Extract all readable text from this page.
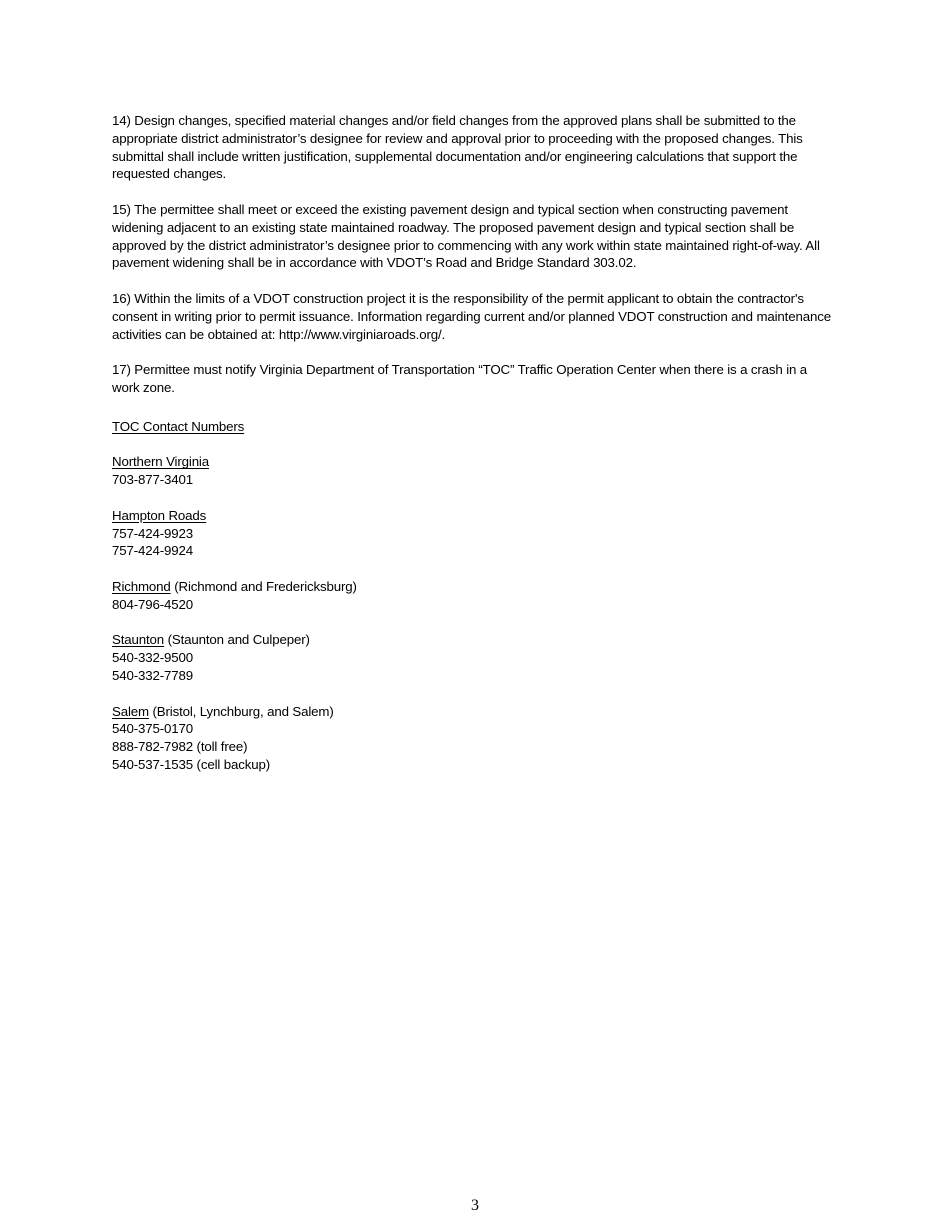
14) Design changes, specified material changes and/or field changes from the approved plans shall be submitted to the appropriate district administrator’s designee for review and approval prior to proceeding with the proposed changes. This submittal shall include written justification, supplemental documentation and/or engineering calculations that support the requested changes.

15) The permittee shall meet or exceed the existing pavement design and typical section when constructing pavement widening adjacent to an existing state maintained roadway. The proposed pavement design and typical section shall be approved by the district administrator’s designee prior to commencing with any work within state maintained right-of-way. All pavement widening shall be in accordance with VDOT’s Road and Bridge Standard 303.02.

16) Within the limits of a VDOT construction project it is the responsibility of the permit applicant to obtain the contractor's consent in writing prior to permit issuance. Information regarding current and/or planned VDOT construction and maintenance activities can be obtained at: http://www.virginiaroads.org/.

17) Permittee must notify Virginia Department of Transportation “TOC” Traffic Operation Center when there is a crash in a work zone.

TOC Contact Numbers
Northern Virginia
703-877-3401
Hampton Roads
757-424-9923
757-424-9924
Richmond (Richmond and Fredericksburg)
804-796-4520
Staunton (Staunton and Culpeper)
540-332-9500
540-332-7789
Salem (Bristol, Lynchburg, and Salem)
540-375-0170
888-782-7982 (toll free)
540-537-1535 (cell backup)
3
